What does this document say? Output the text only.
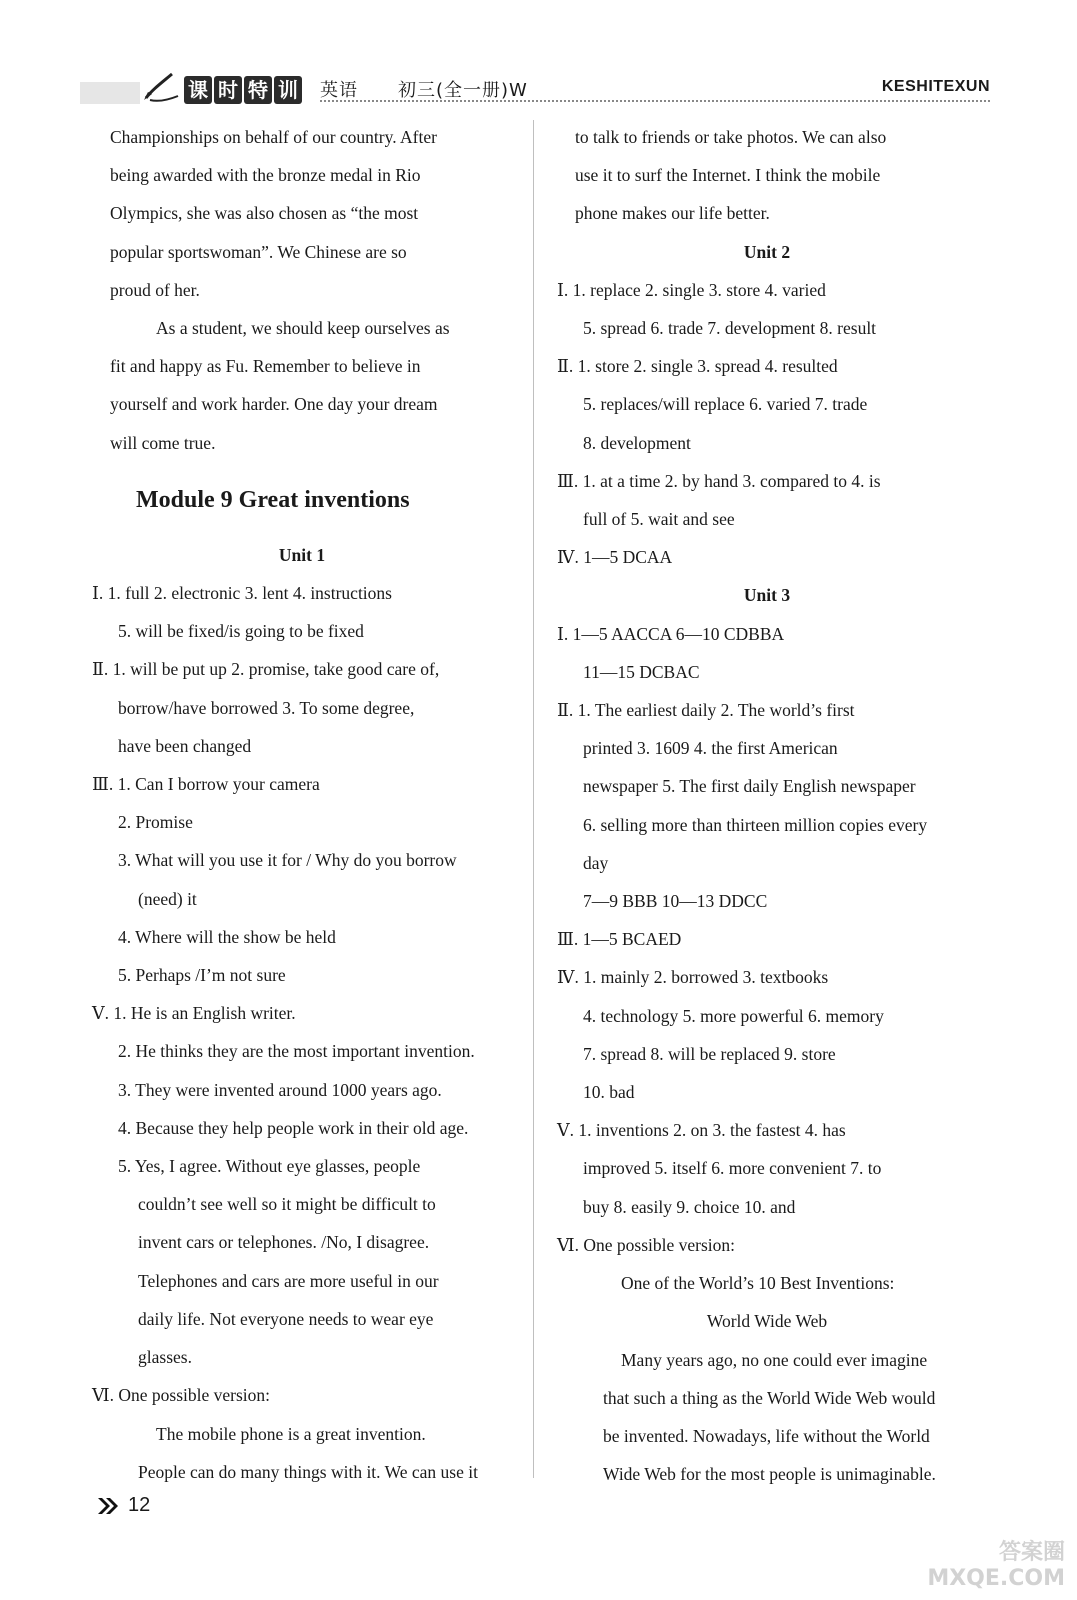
课 时 特 训 英语 初三(全一册)W	KESHITEXUN
Championships on behalf of our country. After
being awarded with the bronze medal in Rio
Olympics, she was also chosen as “the most
popular sportswoman”. We Chinese are so
proud of her.
As a student, we should keep ourselves as
fit and happy as Fu. Remember to believe in
yourself and work harder. One day your dream
will come true.
Module 9 Great inventions
Unit 1
Ⅰ. 1. full 2. electronic 3. lent 4. instructions
5. will be fixed/is going to be fixed
Ⅱ. 1. will be put up 2. promise, take good care of,
borrow/have borrowed 3. To some degree,
have been changed
Ⅲ. 1. Can I borrow your camera
2. Promise
3. What will you use it for / Why do you borrow
(need) it
4. Where will the show be held
5. Perhaps /I’m not sure
Ⅴ. 1. He is an English writer.
2. He thinks they are the most important invention.
3. They were invented around 1000 years ago.
4. Because they help people work in their old age.
5. Yes, I agree. Without eye glasses, people
couldn’t see well so it might be difficult to
invent cars or telephones. /No, I disagree.
Telephones and cars are more useful in our
daily life. Not everyone needs to wear eye
glasses.
Ⅵ. One possible version:
The mobile phone is a great invention.
People can do many things with it. We can use it
to talk to friends or take photos. We can also
use it to surf the Internet. I think the mobile
phone makes our life better.
Unit 2
Ⅰ. 1. replace 2. single 3. store 4. varied
5. spread 6. trade 7. development 8. result
Ⅱ. 1. store 2. single 3. spread 4. resulted
5. replaces/will replace 6. varied 7. trade
8. development
Ⅲ. 1. at a time 2. by hand 3. compared to 4. is
full of 5. wait and see
Ⅳ. 1—5 DCAA
Unit 3
Ⅰ. 1—5 AACCA 6—10 CDBBA
11—15 DCBAC
Ⅱ. 1. The earliest daily 2. The world’s first
printed 3. 1609 4. the first American
newspaper 5. The first daily English newspaper
6. selling more than thirteen million copies every
day
7—9 BBB 10—13 DDCC
Ⅲ. 1—5 BCAED
Ⅳ. 1. mainly 2. borrowed 3. textbooks
4. technology 5. more powerful 6. memory
7. spread 8. will be replaced 9. store
10. bad
Ⅴ. 1. inventions 2. on 3. the fastest 4. has
improved 5. itself 6. more convenient 7. to
buy 8. easily 9. choice 10. and
Ⅵ. One possible version:
One of the World’s 10 Best Inventions:
World Wide Web
Many years ago, no one could ever imagine
that such a thing as the World Wide Web would
be invented. Nowadays, life without the World
Wide Web for the most people is unimaginable.
12
答案圈
MXQE.COM
